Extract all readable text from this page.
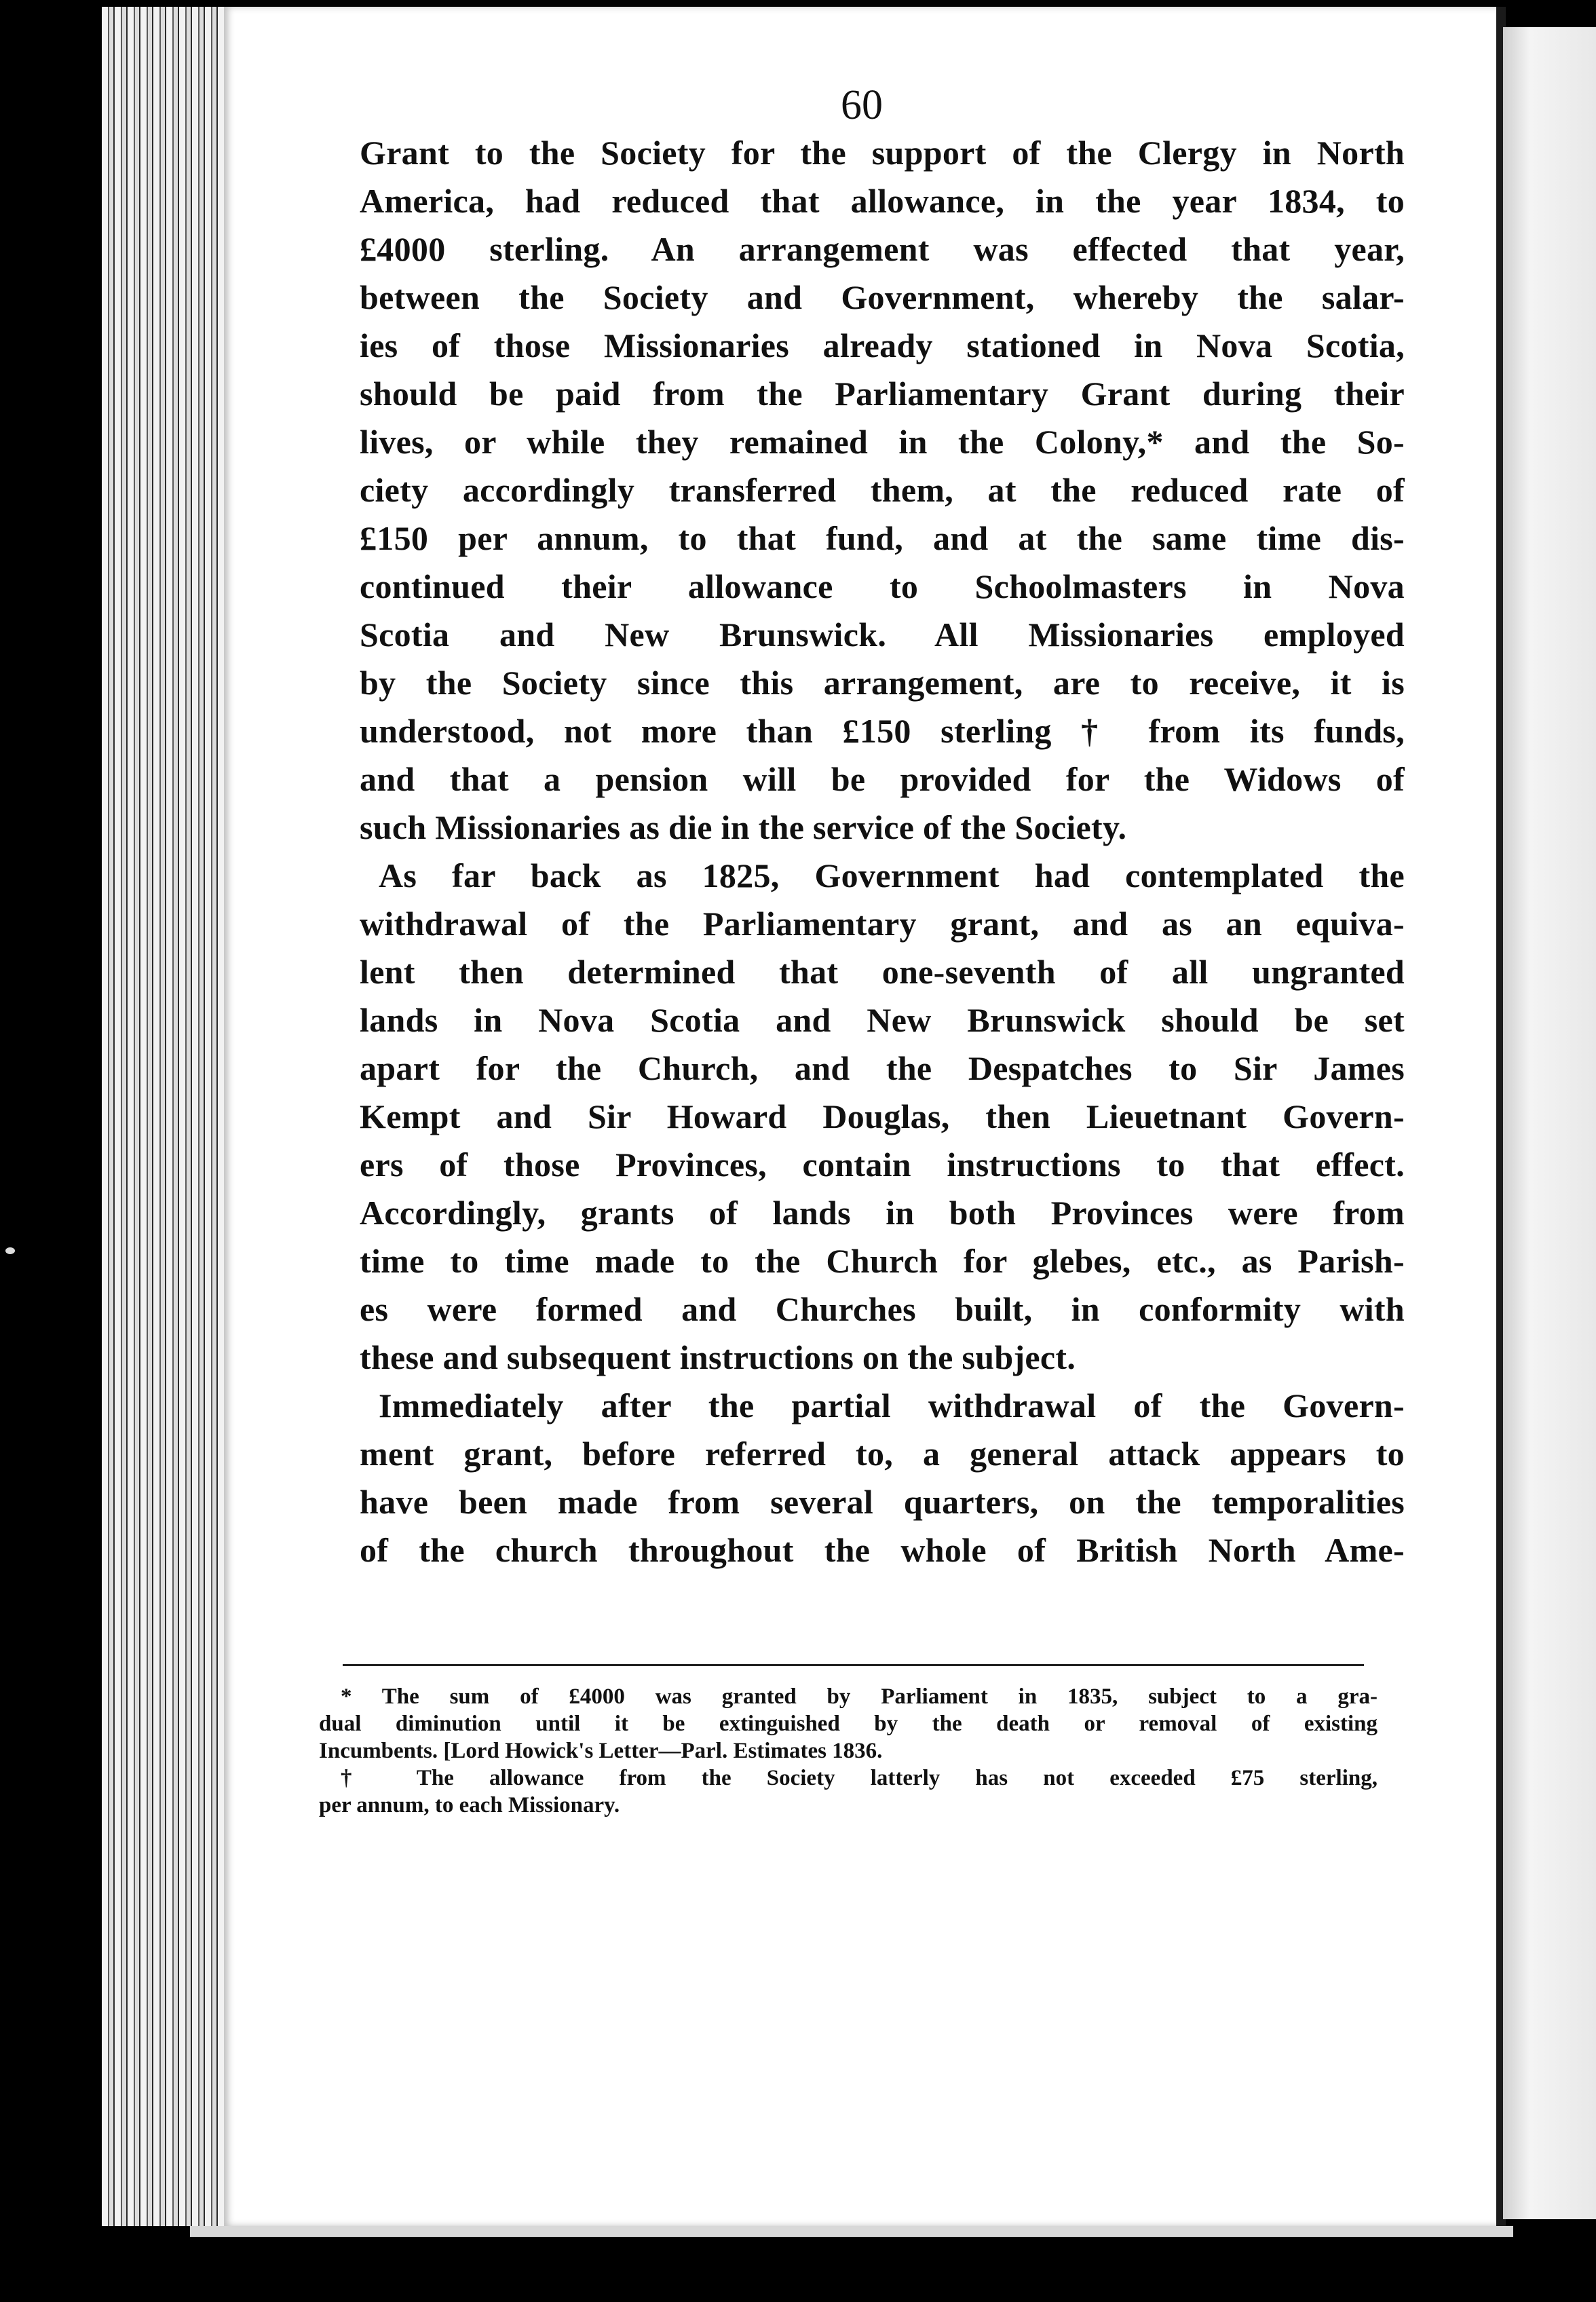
60
Grant to the Society for the support of the Clergy in North
America, had reduced that allowance, in the year 1834, to
£4000 sterling. An arrangement was effected that year,
between the Society and Government, whereby the salar-
ies of those Missionaries already stationed in Nova Scotia,
should be paid from the Parliamentary Grant during their
lives, or while they remained in the Colony,* and the So-
ciety accordingly transferred them, at the reduced rate of
£150 per annum, to that fund, and at the same time dis-
continued their allowance to Schoolmasters in Nova
Scotia and New Brunswick. All Missionaries employed
by the Society since this arrangement, are to receive, it is
understood, not more than £150 sterling † from its funds,
and that a pension will be provided for the Widows of
such Missionaries as die in the service of the Society.
As far back as 1825, Government had contemplated the
withdrawal of the Parliamentary grant, and as an equiva-
lent then determined that one-seventh of all ungranted
lands in Nova Scotia and New Brunswick should be set
apart for the Church, and the Despatches to Sir James
Kempt and Sir Howard Douglas, then Lieuetnant Govern-
ers of those Provinces, contain instructions to that effect.
Accordingly, grants of lands in both Provinces were from
time to time made to the Church for glebes, etc., as Parish-
es were formed and Churches built, in conformity with
these and subsequent instructions on the subject.
Immediately after the partial withdrawal of the Govern-
ment grant, before referred to, a general attack appears to
have been made from several quarters, on the temporalities
of the church throughout the whole of British North Ame-
* The sum of £4000 was granted by Parliament in 1835, subject to a gra-
dual diminution until it be extinguished by the death or removal of existing
Incumbents. [Lord Howick's Letter—Parl. Estimates 1836.
† The allowance from the Society latterly has not exceeded £75 sterling,
per annum, to each Missionary.
